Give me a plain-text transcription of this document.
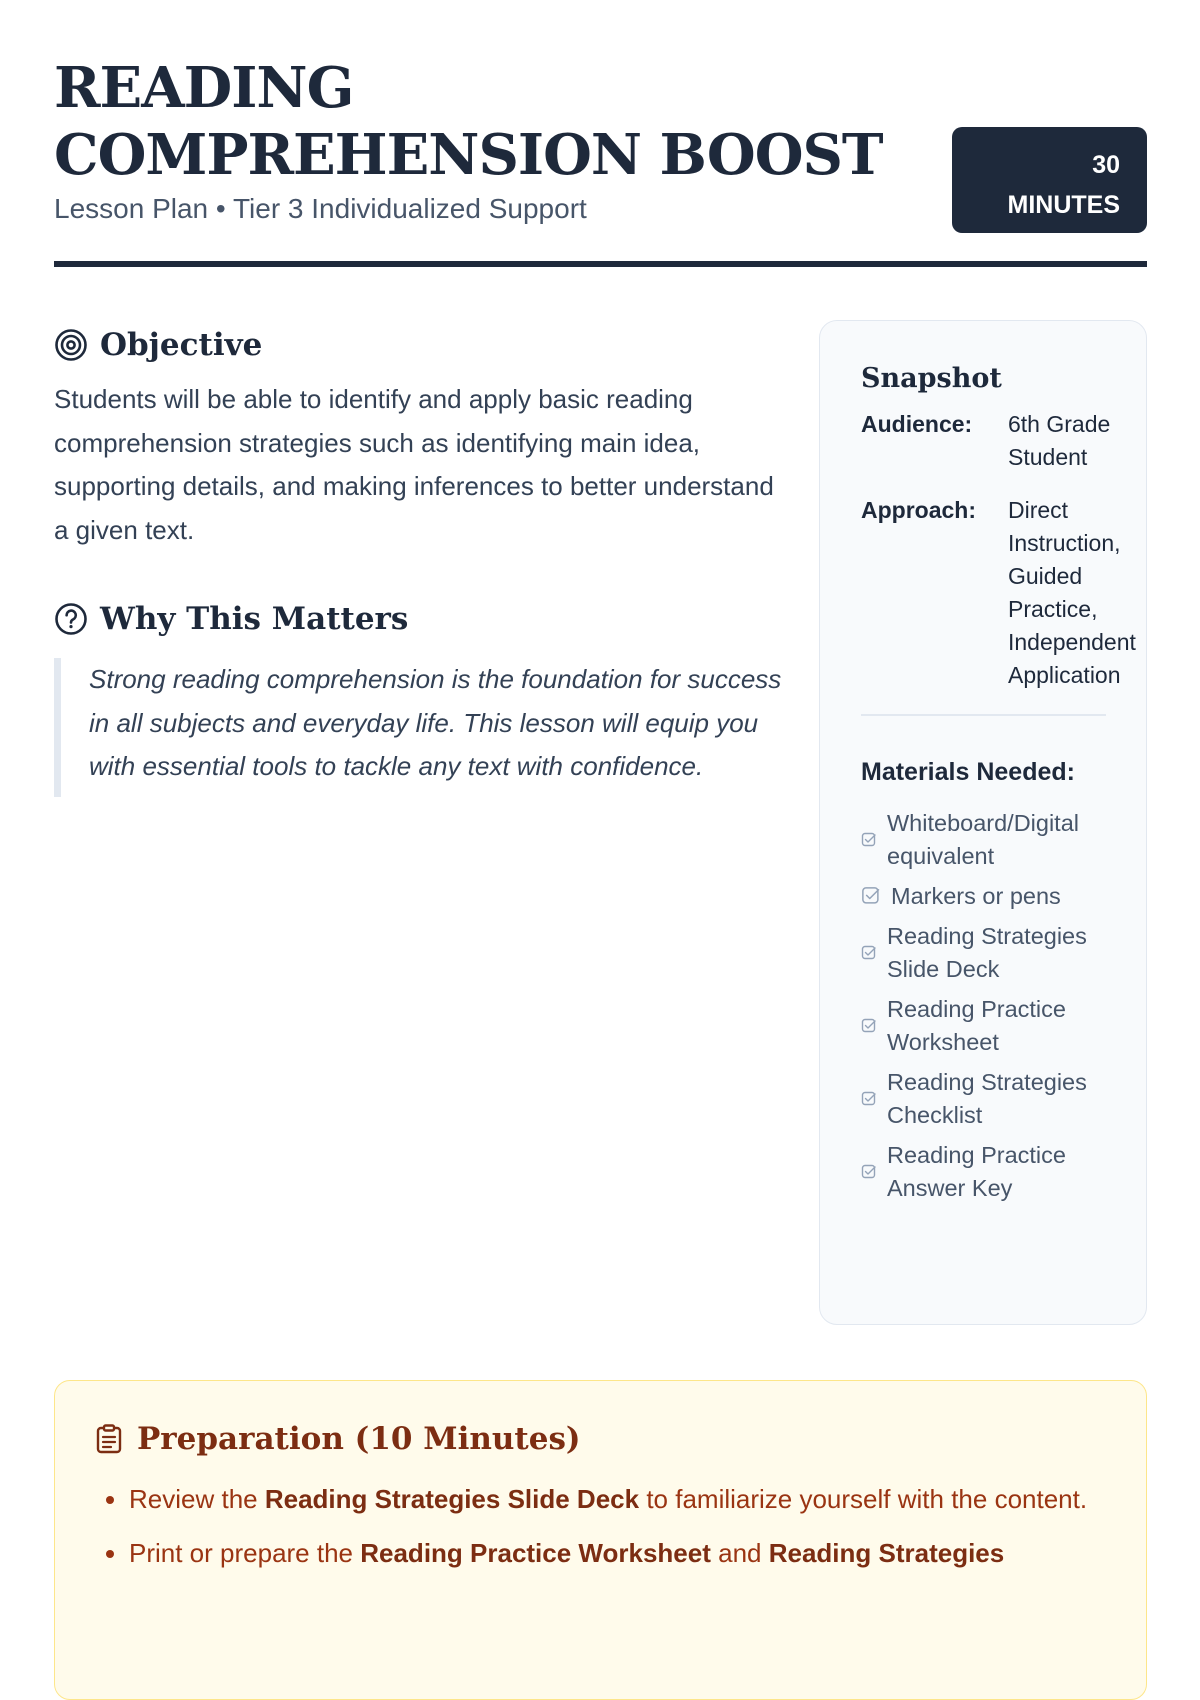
READING COMPREHENSION BOOST
Lesson Plan • Tier 3 Individualized Support
30
MINUTES
Objective

Students will be able to identify and apply basic reading comprehension strategies such as identifying main idea, supporting details, and making inferences to better understand a given text.

Why This Matters
Strong reading comprehension is the foundation for success in all subjects and everyday life. This lesson will equip you with essential tools to tackle any text with confidence.
Snapshot
Audience:	6th Grade Student
Approach:	Direct Instruction, Guided Practice, Independent Application
Materials Needed:
Whiteboard/Digital equivalent
Markers or pens
Reading Strategies Slide Deck
Reading Practice Worksheet
Reading Strategies Checklist
Reading Practice Answer Key
Preparation (10 Minutes)
• Review the Reading Strategies Slide Deck to familiarize yourself with the content.
• Print or prepare the Reading Practice Worksheet and Reading Strategies
